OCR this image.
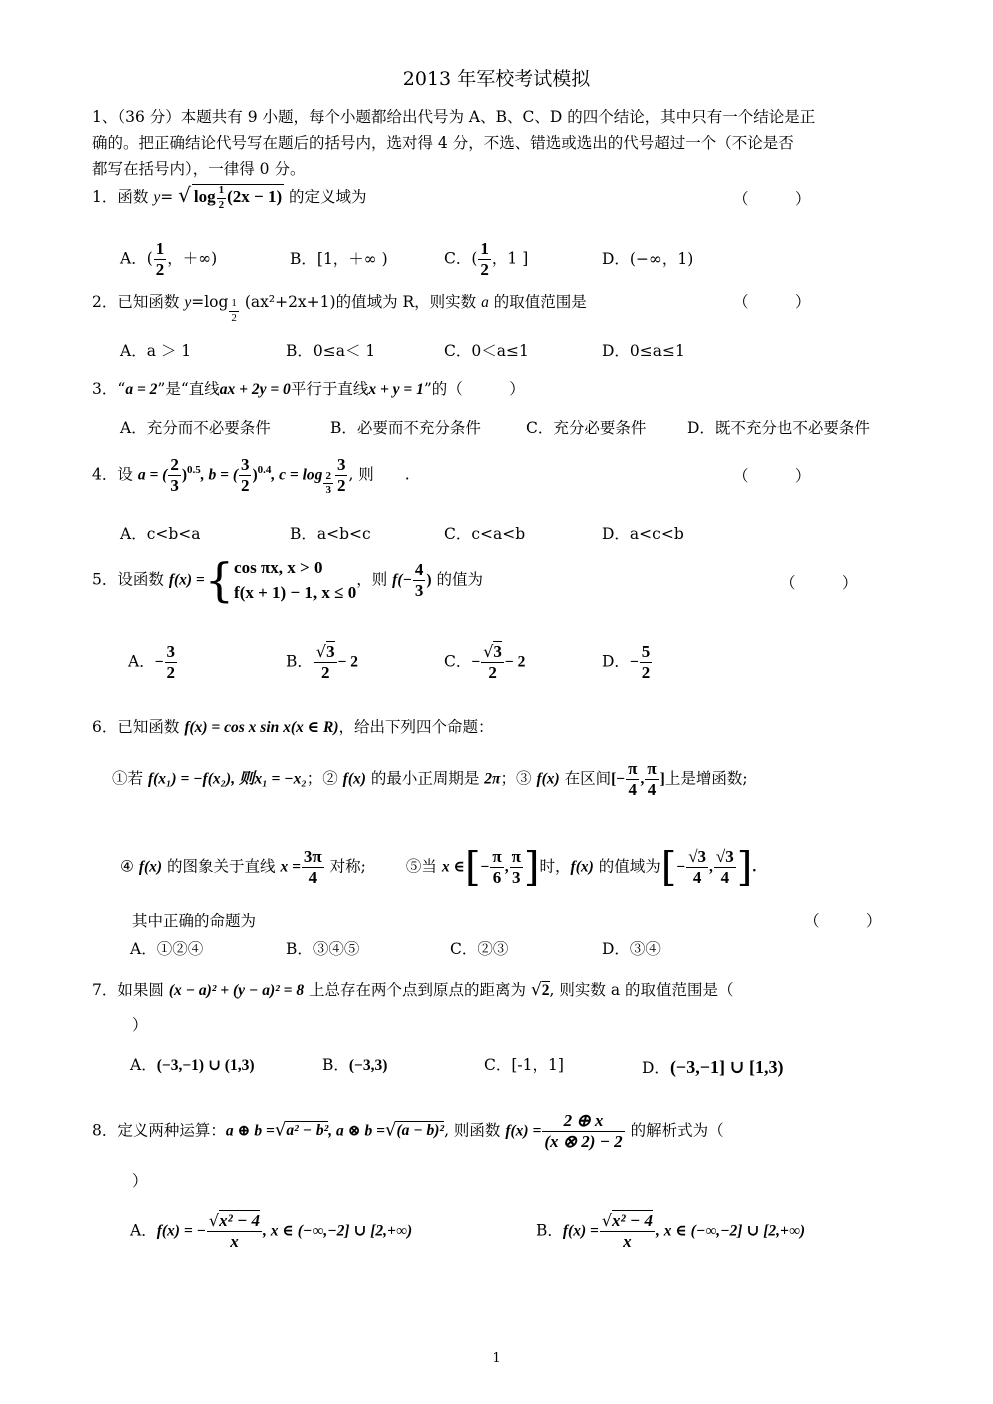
2013 年军校考试模拟
1、（36 分）本题共有 9 小题，每个小题都给出代号为 A、B、C、D 的四个结论，其中只有一个结论是正
确的。把正确结论代号写在题后的括号内，选对得 4 分，不选、错选或选出的代号超过一个（不论是否
都写在括号内），一律得 0 分。
1．函数 y= √ $\log \frac{1}{2} (2x - 1)$ 的定义域为	（　　　）
A．( $\frac{1}{2}$ ，＋∞)	B．[1，＋∞ )	C．( $\frac{1}{2}$ ，1 ]	D．(−∞，1)
2．已知函数 $y=\log \frac{1}{2} (ax^2+2x+1)$的值域为 R，则实数 a 的取值范围是	（　　　）
A．a ＞ 1	B．0≤a＜ 1	C．0＜a≤1	D．0≤a≤1
3．“a = 2”是“直线ax + 2y = 0平行于直线x + y = 1”的（　　　）
A．充分而不必要条件	B．必要而不充分条件	C．充分必要条件	D．既不充分也不必要条件
4．设 a = ( $\frac{2}{3} )^{0.5}$, b = ( $\frac{3}{2} )^{0.4}$, $c = \log \frac{2}{3} \frac{3}{2}$ , 则　　.	（　　　）
A．c<b<a	B．a<b<c	C．c<a<b	D．a<c<b
5．设函数 f(x) ={ cos πx, x > 0
f(x + 1) − 1, x ≤ 0
，则 $f(- \frac{4}{3}$ ) 的值为	（　　　）
A．− $\frac{3}{2}$	B． $\frac{√3}{2} - 2$	C．− $\frac{√3}{2} - 2$	D．− $\frac{5}{2}$
6．已知函数 f(x) = cos x sin x(x ∈ R)，给出下列四个命题：
①若 f(x₁) = −f(x₂), 则x₁ = −x₂；② f(x) 的最小正周期是 2π；③ f(x) 在区间[− $\frac{\pi}{4}$ , $\frac{\pi}{4}$ ]上是增函数;
④ f(x) 的图象关于直线 $x = \frac{3\pi}{4}$ 对称;	⑤当 x ∈[− $\frac{\pi}{6}$ , $\frac{\pi}{3}$ ]时，f(x) 的值域为[− $\frac{√3}{4}$ , $\frac{√3}{4}$ ].
其中正确的命题为	（　　　）
A．①②④	B．③④⑤	C．②③	D．③④
7．如果圆 (x − a)² + (y − a)² = 8 上总存在两个点到原点的距离为 √2, 则实数 a 的取值范围是（
）
A．(−3,−1) ∪ (1,3)	B．(−3,3)	C．[-1，1]	D．(−3,−1] ∪ [1,3)
8．定义两种运算：a ⊕ b =√a² − b², a ⊗ b =√(a − b)², 则函数 $f(x) = \frac{2 \oplus x}{(x \otimes 2) - 2}$ 的解析式为（
）
A．f(x) = − $\frac{\text{√x² − 4}}{x}$ , x ∈ (−∞,−2] ∪ [2,+∞)	B．$f(x) = \frac{\text{√x² − 4}}{x}$ , x ∈ (−∞,−2] ∪ [2,+∞)
1
